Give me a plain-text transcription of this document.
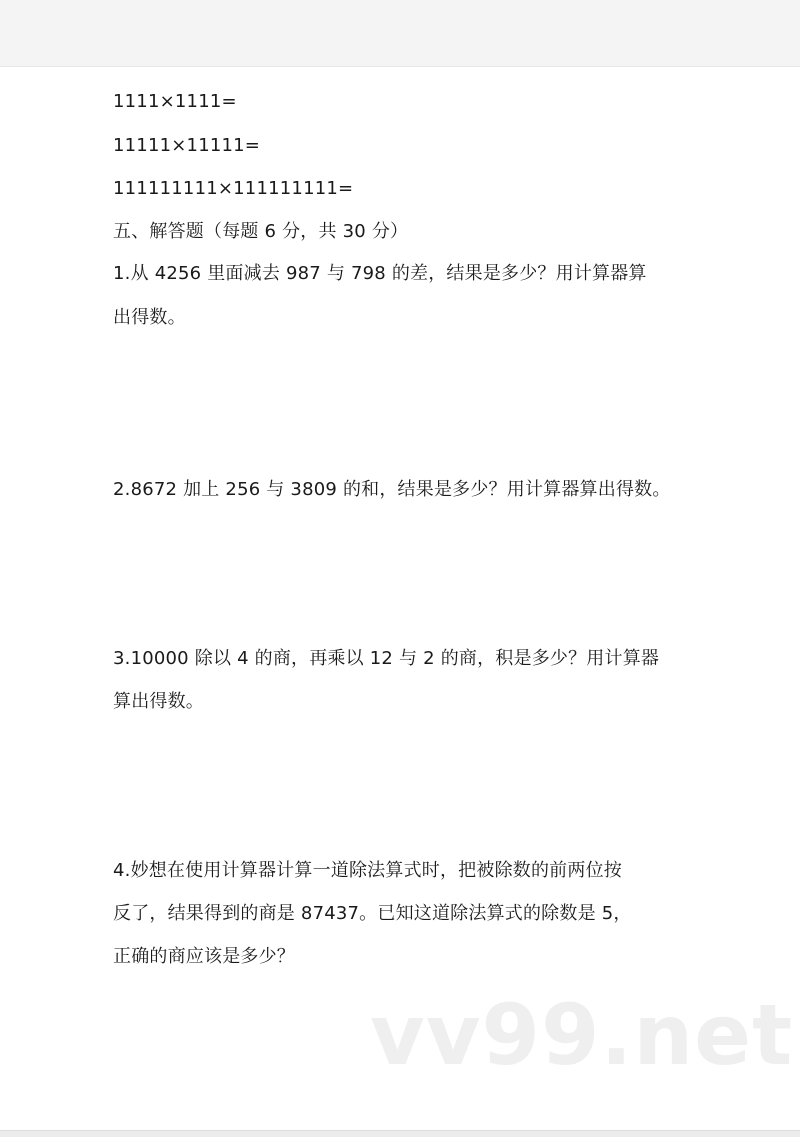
1111×1111=
11111×11111=
111111111×111111111=
五、解答题（每题 6 分，共 30 分）
1.从 4256 里面减去 987 与 798 的差，结果是多少？用计算器算
出得数。
2.8672 加上 256 与 3809 的和，结果是多少？用计算器算出得数。
3.10000 除以 4 的商，再乘以 12 与 2 的商，积是多少？用计算器
算出得数。
4.妙想在使用计算器计算一道除法算式时，把被除数的前两位按
反了，结果得到的商是 87437。已知这道除法算式的除数是 5，
正确的商应该是多少？
vv99.net
